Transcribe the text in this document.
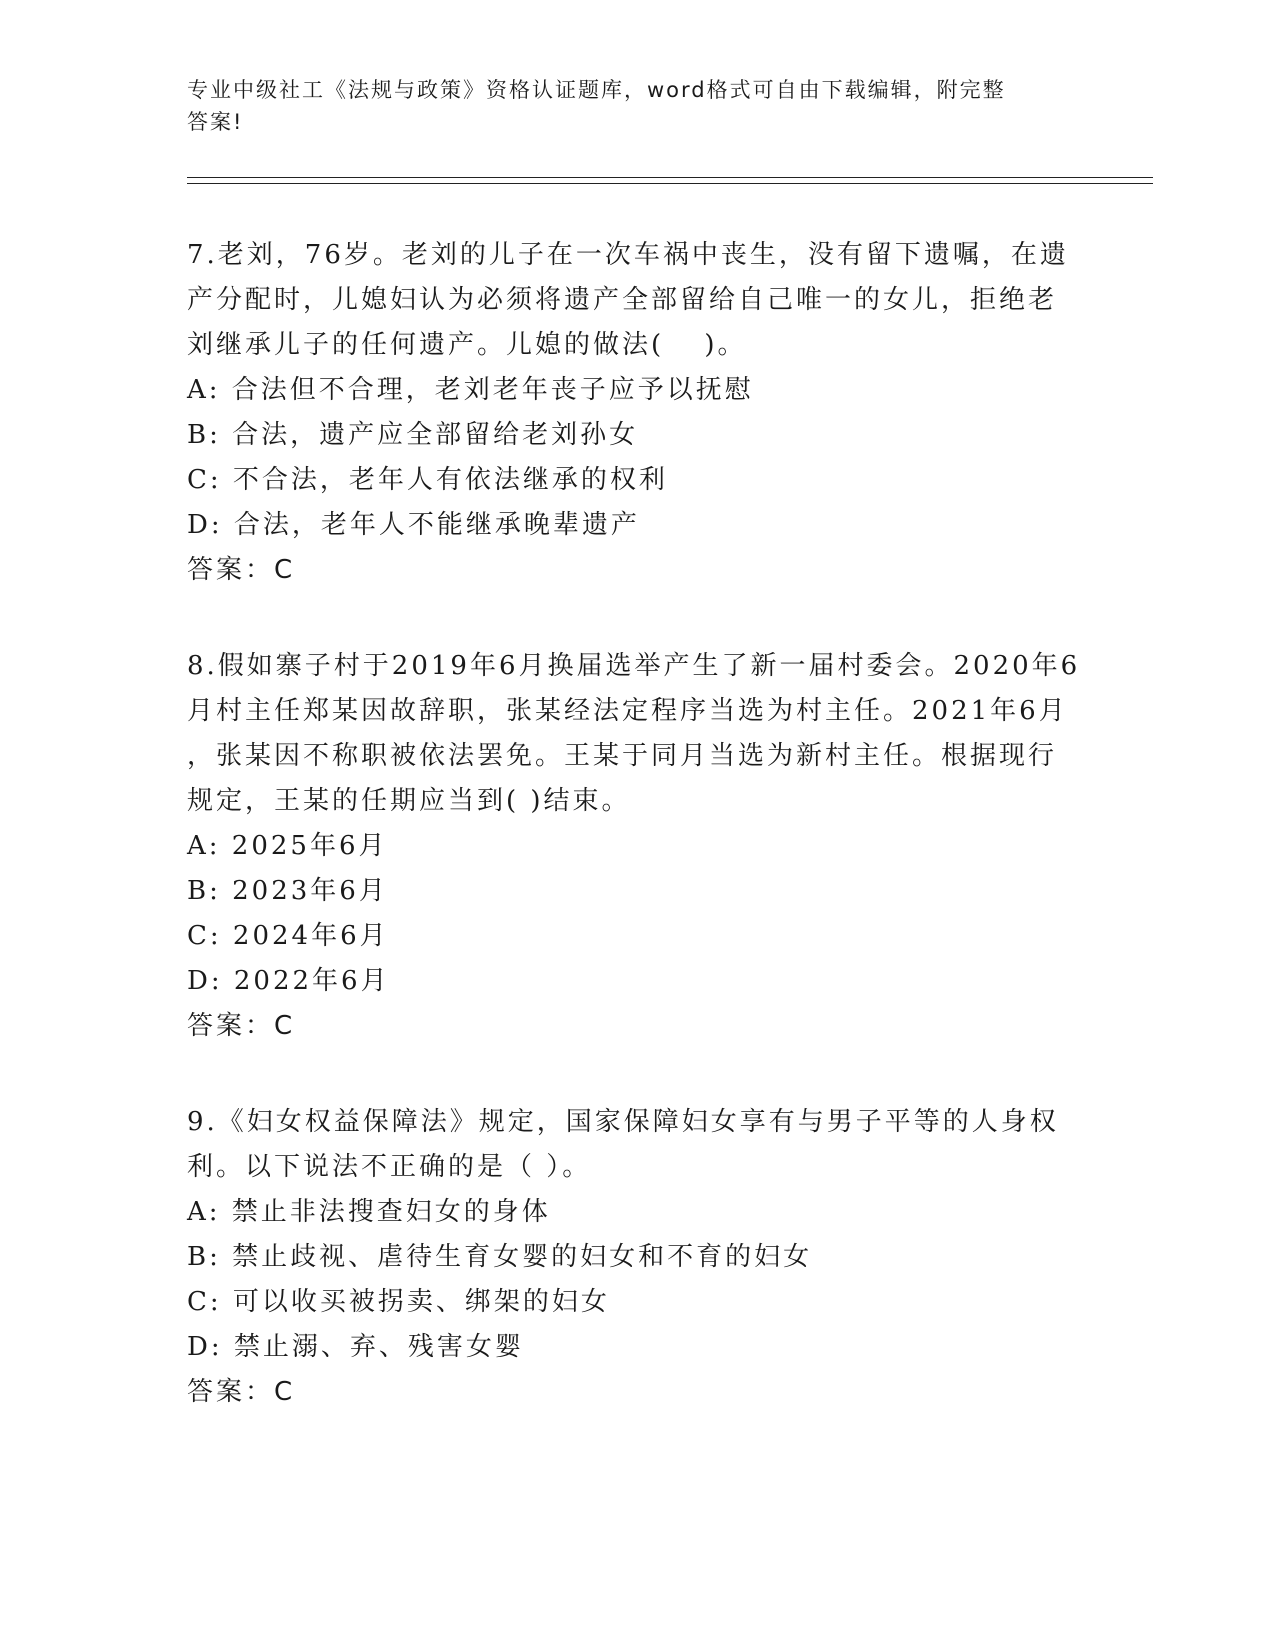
专业中级社工《法规与政策》资格认证题库，word格式可自由下载编辑，附完整
答案!

7.老刘，76岁。老刘的儿子在一次车祸中丧生，没有留下遗嘱，在遗

产分配时，儿媳妇认为必须将遗产全部留给自己唯一的女儿，拒绝老

刘继承儿子的任何遗产。儿媳的做法(　 )。

A: 合法但不合理，老刘老年丧子应予以抚慰

B: 合法，遗产应全部留给老刘孙女

C: 不合法，老年人有依法继承的权利

D: 合法，老年人不能继承晚辈遗产

答案：C

8.假如寨子村于2019年6月换届选举产生了新一届村委会。2020年6

月村主任郑某因故辞职，张某经法定程序当选为村主任。2021年6月

，张某因不称职被依法罢免。王某于同月当选为新村主任。根据现行

规定，王某的任期应当到( )结束。

A: 2025年6月

B: 2023年6月

C: 2024年6月

D: 2022年6月

答案：C

9.《妇女权益保障法》规定，国家保障妇女享有与男子平等的人身权

利。以下说法不正确的是（ ）。

A: 禁止非法搜查妇女的身体

B: 禁止歧视、虐待生育女婴的妇女和不育的妇女

C: 可以收买被拐卖、绑架的妇女

D: 禁止溺、弃、残害女婴

答案：C
